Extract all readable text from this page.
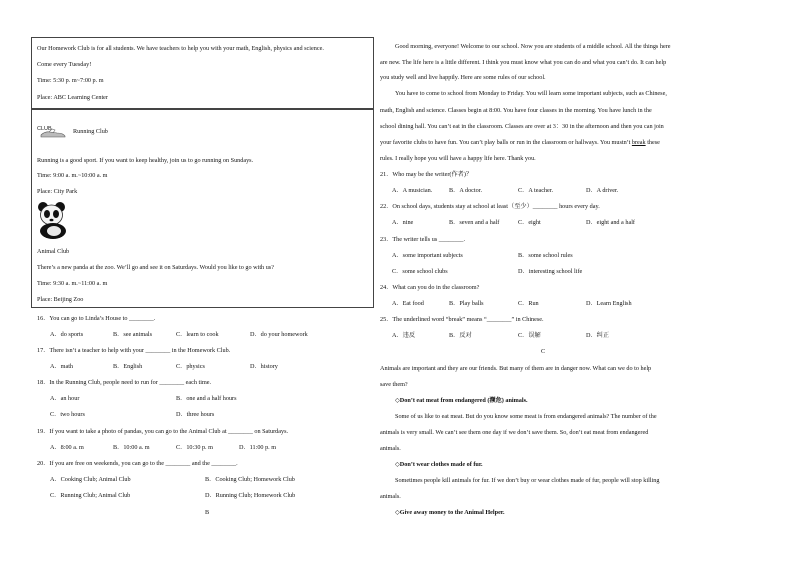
Our Homework Club is for all students. We have teachers to help you with your math, English, physics and science.
Come every Tuesday!
Time: 5:30 p. m~7:00 p. m
Place: ABC Learning Center
CLUB	Running Club
Running is a good sport. If you want to keep healthy, join us to go running on Sundays.
Time: 9:00 a. m.~10:00 a. m
Place: City Park
Animal Club
There’s a new panda at the zoo. We’ll go and see it on Saturdays. Would you like to go with us?
Time: 9:30 a. m.~11:00 a. m
Place: Beijing Zoo
16．You can go to Linda’s House to ________.
A．do sports	B．see animals	C．learn to cook	D．do your homework
17．There isn’t a teacher to help with your ________ in the Homework Club.
A．math	B．English	C．physics	D．history
18．In the Running Club, people need to run for ________ each time.
A．an hour	B．one and a half hours
C．two hours	D．three hours
19．If you want to take a photo of pandas, you can go to the Animal Club at ________ on Saturdays.
A．8:00 a. m	B．10:00 a. m	C．10:30 p. m	D．11:00 p. m
20．If you are free on weekends, you can go to the ________ and the ________.
A．Cooking Club; Animal Club	B．Cooking Club; Homework Club
C．Running Club; Animal Club	D．Running Club; Homework Club
B
Good morning, everyone! Welcome to our school. Now you are students of a middle school. All the things here
are new. The life here is a little different. I think you must know what you can do and what you can’t do. It can help
you study well and live happily. Here are some rules of our school.
You have to come to school from Monday to Friday. You will learn some important subjects, such as Chinese,
math, English and science. Classes begin at 8:00. You have four classes in the morning. You have lunch in the
school dining hall. You can’t eat in the classroom. Classes are over at 3：30 in the afternoon and then you can join
your favorite clubs to have fun. You can’t play balls or run in the classroom or hallways. You mustn’t break these
rules. I really hope you will have a happy life here. Thank you.
21．Who may be the writer(作者)？
A．A musician.	B．A doctor.	C．A teacher.	D．A driver.
22．On school days, students stay at school at least（至少）________ hours every day.
A．nine	B．seven and a half	C．eight	D．eight and a half
23．The writer tells us ________.
A．some important subjects	B．some school rules
C．some school clubs	D．interesting school life
24．What can you do in the classroom?
A．Eat food	B．Play balls	C．Run	D．Learn English
25．The underlined word “break” means “________” in Chinese.
A．违反	B．反对	C．误解	D．纠正
C
Animals are important and they are our friends. But many of them are in danger now. What can we do to help
save them?
◇Don’t eat meat from endangered (濒危) animals.
Some of us like to eat meat. But do you know some meat is from endangered animals? The number of the
animals is very small. We can’t see them one day if we don’t save them. So, don’t eat meat from endangered
animals.
◇Don’t wear clothes made of fur.
Sometimes people kill animals for fur. If we don’t buy or wear clothes made of fur, people will stop killing
animals.
◇Give away money to the Animal Helper.
